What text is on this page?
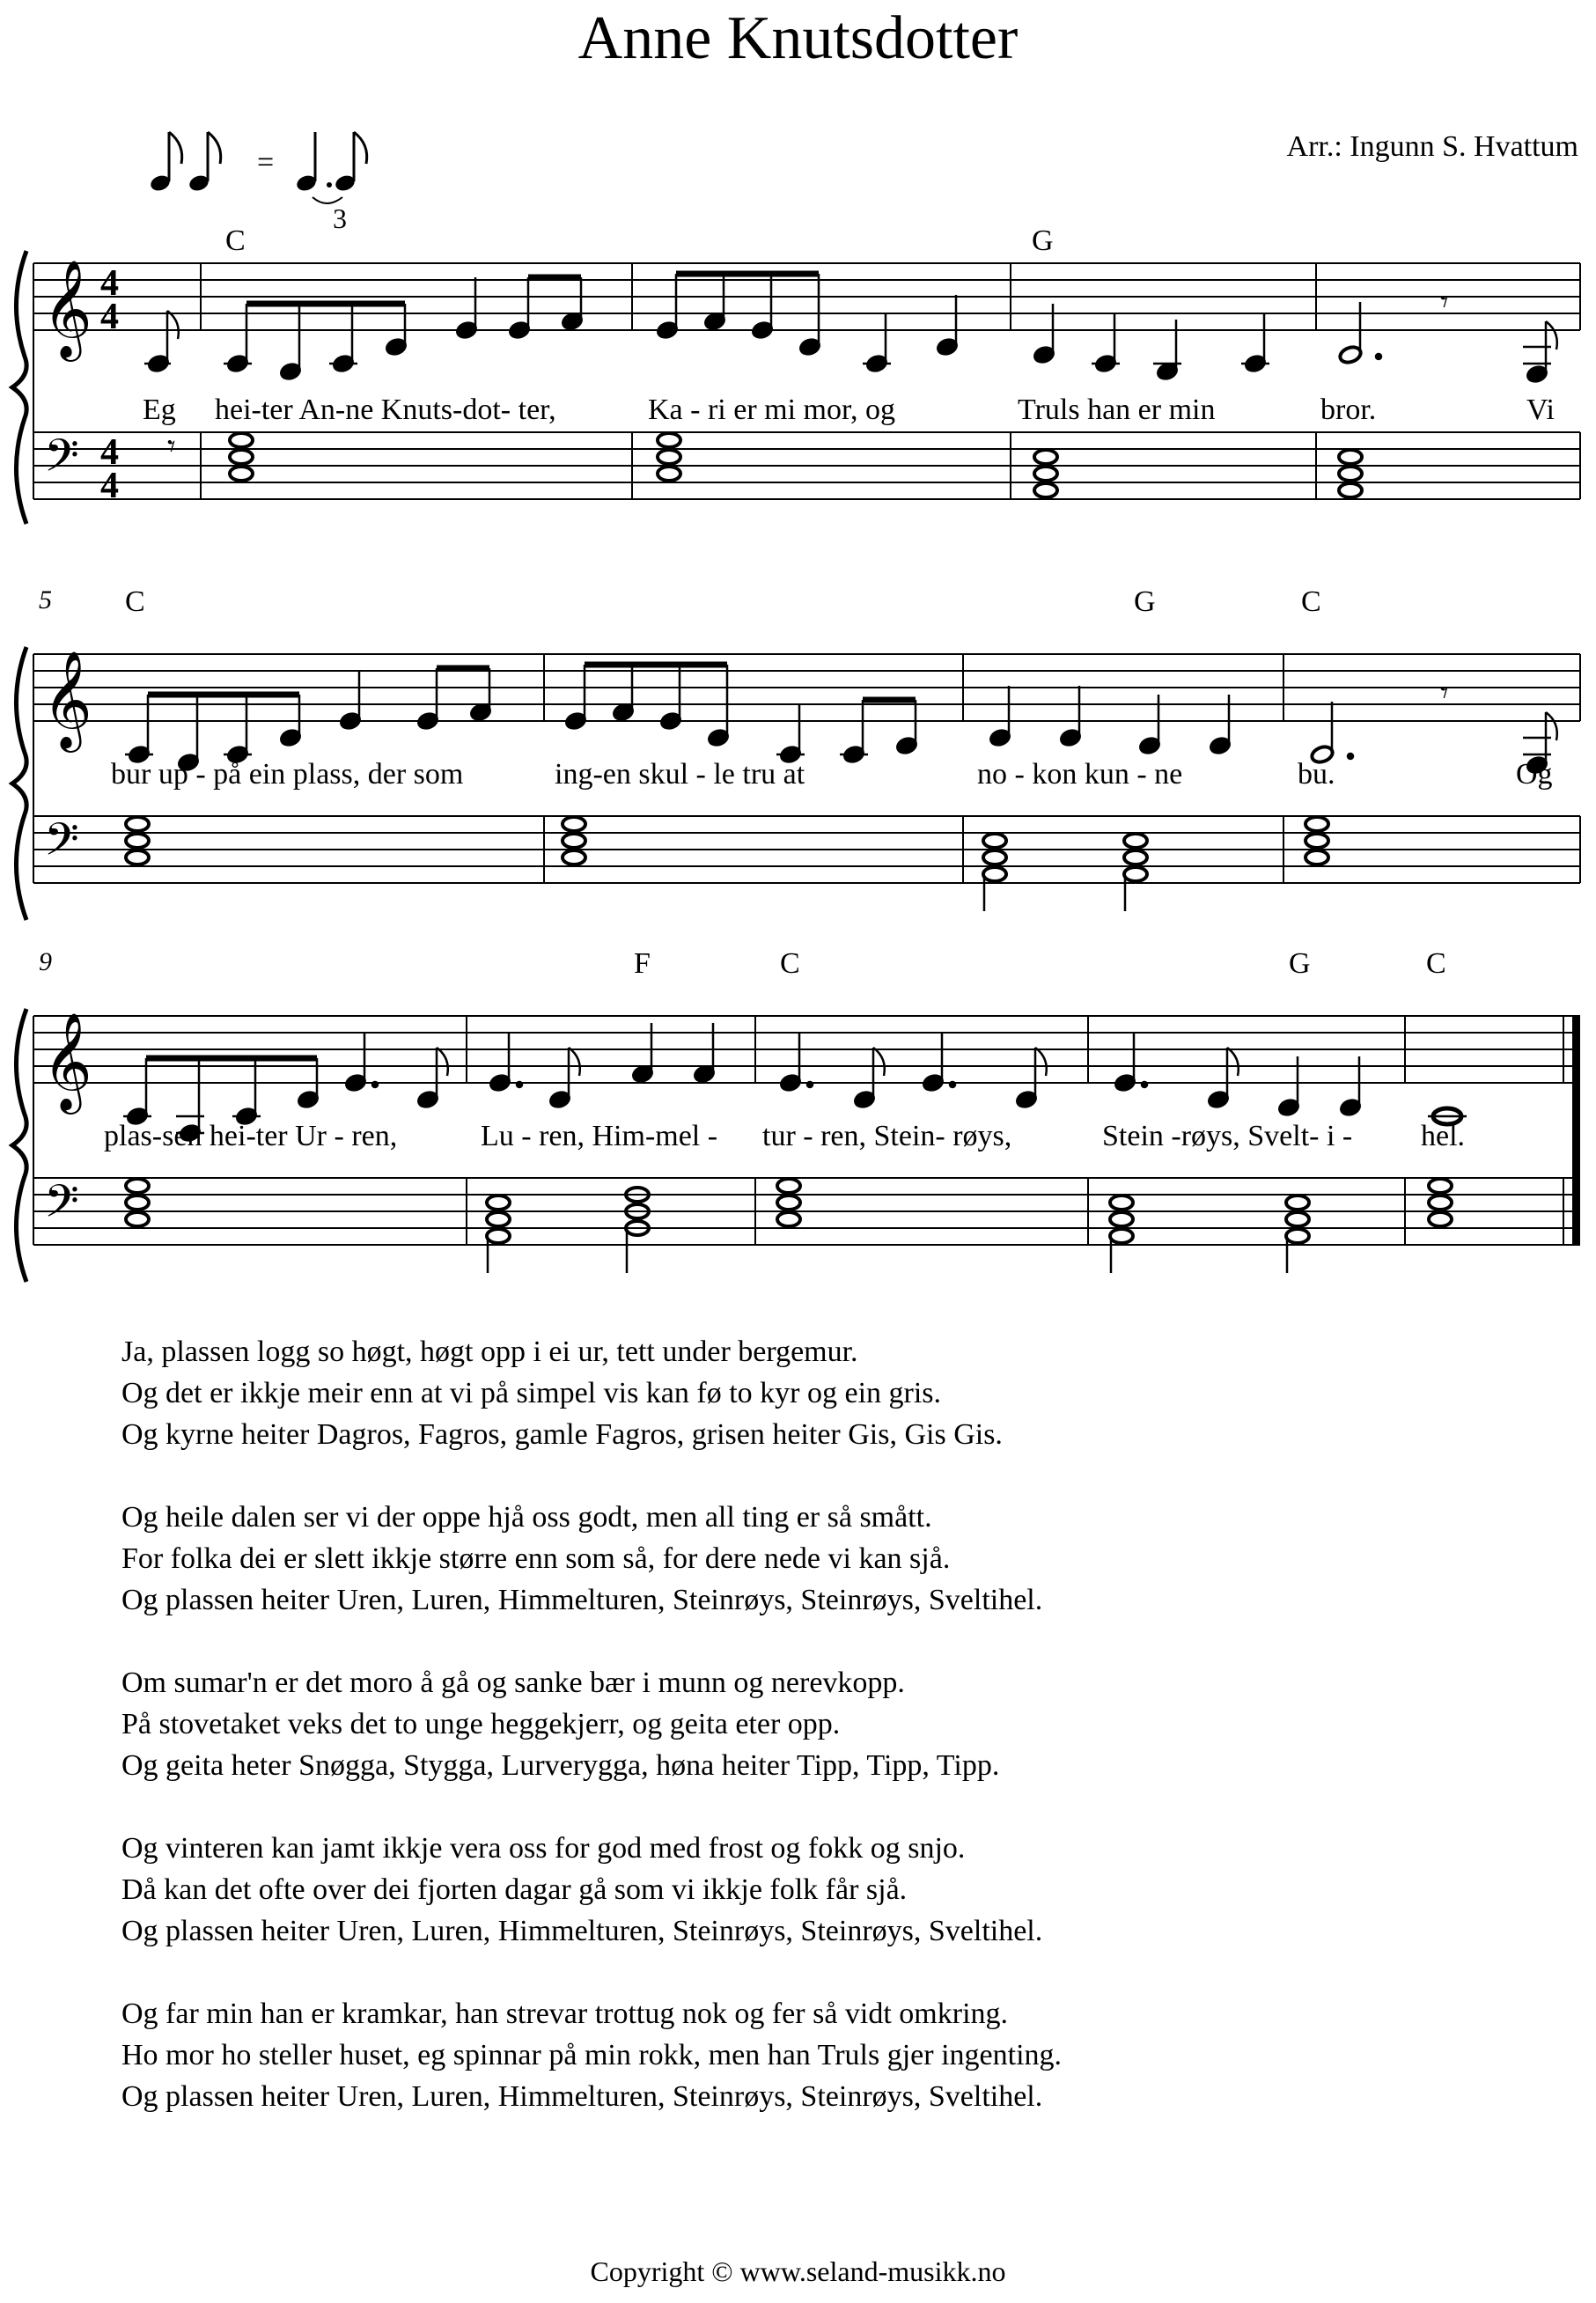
Anne Knutsdotter
Arr.: Ingunn S. Hvattum
=
3
𝄞
𝄢
4
4
4
4
𝄾
𝄾
C	G
Eg hei-ter An-ne Knuts-dot- ter,	Ka - ri er mi mor, og	Truls han er min	bror.	Vi
5
𝄞
𝄢
𝄾
C	G	C
bur up - på ein plass, der som	ing-en skul - le tru at	no - kon kun - ne	bu.	Og
9
𝄞
𝄢
F	C	G	C
plas-sen hei-ter Ur - ren,	Lu - ren, Him-mel - tur - ren, Stein- røys,	Stein -røys, Svelt- i - hel.
Ja, plassen logg so høgt, høgt opp i ei ur, tett under bergemur.
Og det er ikkje meir enn at vi på simpel vis kan fø to kyr og ein gris.
Og kyrne heiter Dagros, Fagros, gamle Fagros, grisen heiter Gis, Gis Gis.
Og heile dalen ser vi der oppe hjå oss godt, men all ting er så smått.
For folka dei er slett ikkje større enn som så, for dere nede vi kan sjå.
Og plassen heiter Uren, Luren, Himmelturen, Steinrøys, Steinrøys, Sveltihel.
Om sumar'n er det moro å gå og sanke bær i munn og nerevkopp.
På stovetaket veks det to unge heggekjerr, og geita eter opp.
Og geita heter Snøgga, Stygga, Lurverygga, høna heiter Tipp, Tipp, Tipp.
Og vinteren kan jamt ikkje vera oss for god med frost og fokk og snjo.
Då kan det ofte over dei fjorten dagar gå som vi ikkje folk får sjå.
Og plassen heiter Uren, Luren, Himmelturen, Steinrøys, Steinrøys, Sveltihel.
Og far min han er kramkar, han strevar trottug nok og fer så vidt omkring.
Ho mor ho steller huset, eg spinnar på min rokk, men han Truls gjer ingenting.
Og plassen heiter Uren, Luren, Himmelturen, Steinrøys, Steinrøys, Sveltihel.
Copyright © www.seland-musikk.no
